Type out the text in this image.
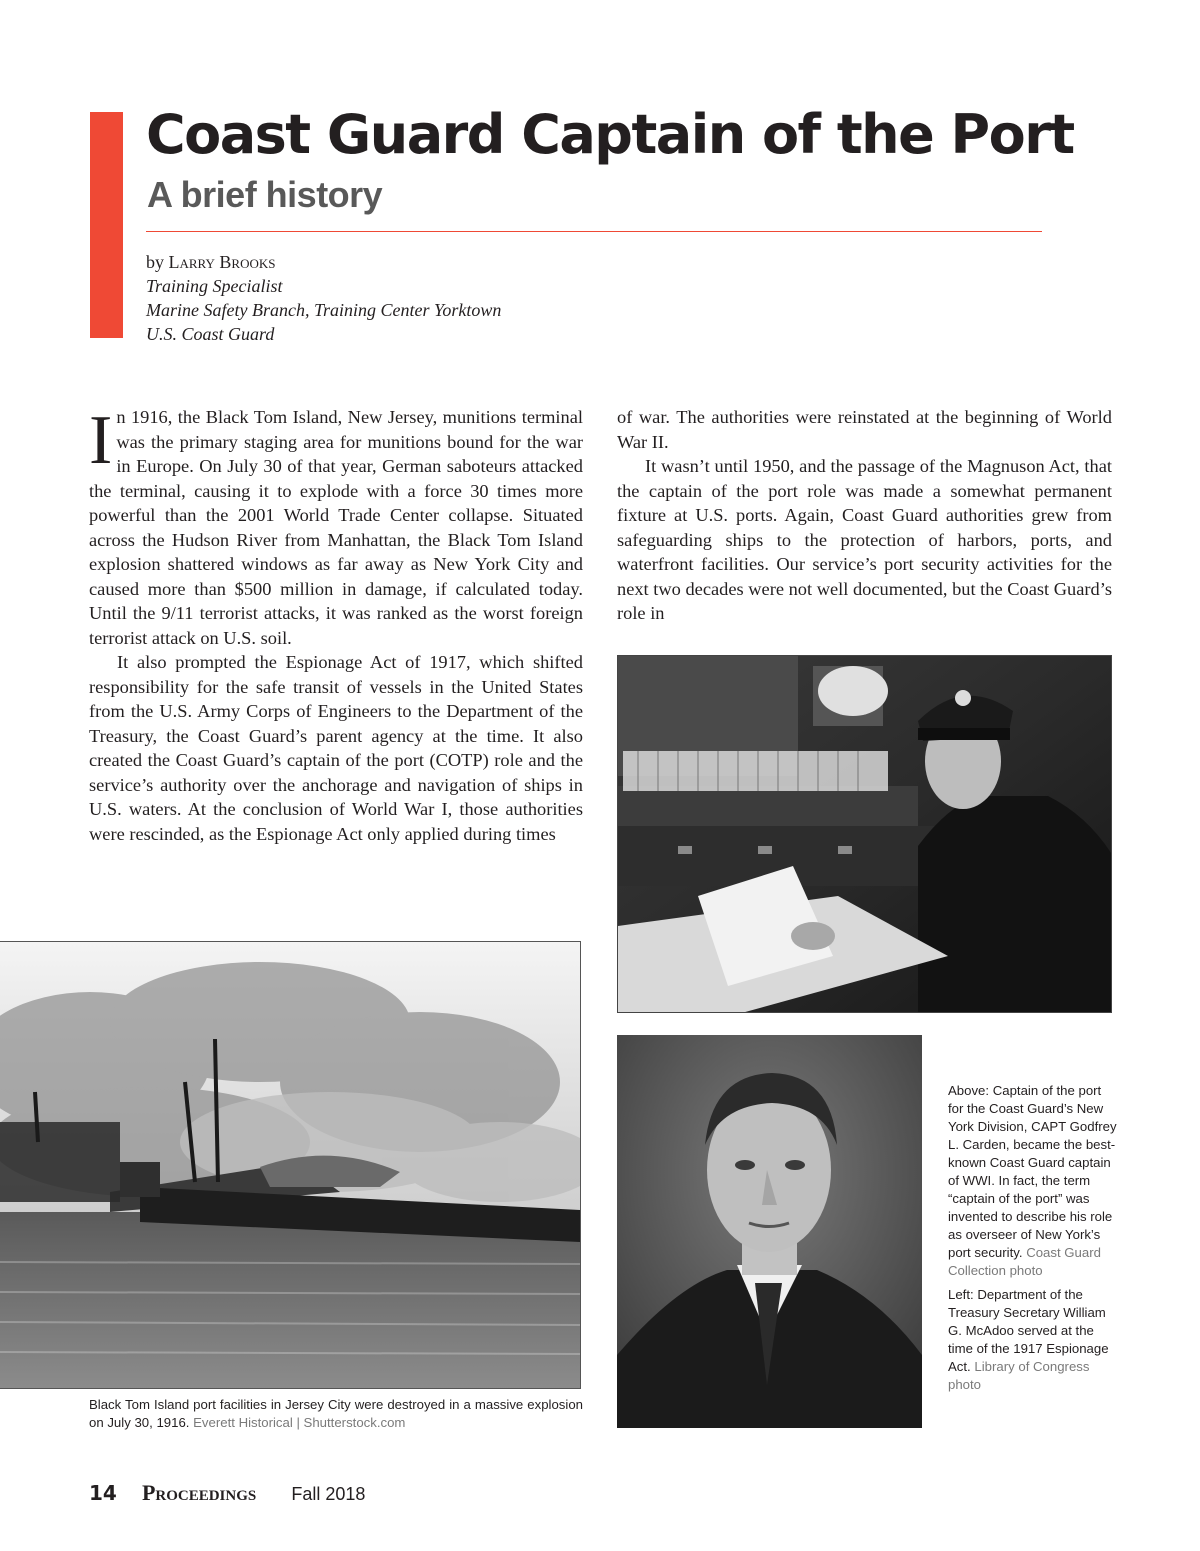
Coast Guard Captain of the Port
A brief history
by Larry Brooks
Training Specialist
Marine Safety Branch, Training Center Yorktown
U.S. Coast Guard

In 1916, the Black Tom Island, New Jersey, munitions terminal was the primary staging area for munitions bound for the war in Europe. On July 30 of that year, German saboteurs attacked the terminal, causing it to explode with a force 30 times more powerful than the 2001 World Trade Center collapse. Situated across the Hudson River from Manhattan, the Black Tom Island explosion shattered windows as far away as New York City and caused more than $500 million in damage, if calculated today. Until the 9/11 terrorist attacks, it was ranked as the worst foreign terrorist attack on U.S. soil.

It also prompted the Espionage Act of 1917, which shifted responsibility for the safe transit of vessels in the United States from the U.S. Army Corps of Engineers to the Department of the Treasury, the Coast Guard’s parent agency at the time. It also created the Coast Guard’s captain of the port (COTP) role and the service’s authority over the anchorage and navigation of ships in U.S. waters. At the conclusion of World War I, those authorities were rescinded, as the Espionage Act only applied during times

of war. The authorities were reinstated at the beginning of World War II.

It wasn’t until 1950, and the passage of the Magnuson Act, that the captain of the port role was made a somewhat permanent fixture at U.S. ports. Again, Coast Guard authorities grew from safeguarding ships to the protection of harbors, ports, and waterfront facilities. Our service’s port security activities for the next two decades were not well documented, but the Coast Guard’s role in

Black Tom Island port facilities in Jersey City were destroyed in a massive explosion on July 30, 1916. Everett Historical | Shutterstock.com

Above: Captain of the port for the Coast Guard’s New York Division, CAPT Godfrey L. Carden, became the best-known Coast Guard captain of WWI. In fact, the term “captain of the port” was invented to describe his role as overseer of New York’s port security. Coast Guard Collection photo

Left: Department of the Treasury Secretary William G. McAdoo served at the time of the 1917 Espionage Act. Library of Congress photo

14 Proceedings Fall 2018
